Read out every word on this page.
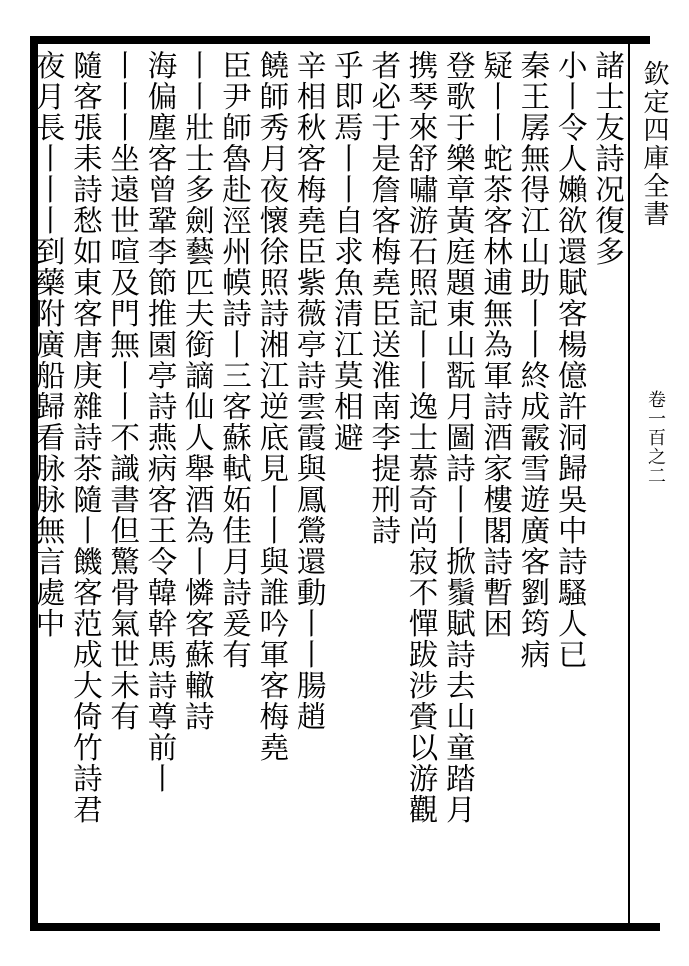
欽定四庫全書
卷一百之二
諸士友詩况復多
小丨令人嬾欲還賦客楊億許洞歸吳中詩騷人已
秦王孱無得江山助丨丨終成霰雪遊廣客劉筠病
疑丨丨蛇茶客林逋無為軍詩酒家樓閣詩暫困
登歌于樂章黃庭題東山翫月圖詩丨丨掀鬚賦詩去山童踏月
携琴來舒嘯游石照記丨丨逸士慕奇尚寂不憚跋涉賫以游觀
者必于是詹客梅堯臣送淮南李提刑詩
乎即焉丨丨自求魚清江莫相避
辛相秋客梅堯臣紫薇亭詩雲霞與鳳鶯還動丨丨腸趙
饒師秀月夜懷徐照詩湘江逆底見丨丨與誰吟軍客梅堯
臣尹師魯赴涇州幙詩丨三客蘇軾妬佳月詩爰有
丨丨壯士多劍藝匹夫銜謫仙人舉酒為丨憐客蘇轍詩
海偏塵客曾鞏李節推園亭詩燕病客王令韓幹馬詩尊前丨
丨丨丨坐遠世喧及門無丨丨不識書但驚骨氣世未有
隨客張耒詩愁如東客唐庚雜詩茶隨丨饑客范成大倚竹詩君
夜月長丨丨丨到藥附廣船歸看脉脉無言處中
